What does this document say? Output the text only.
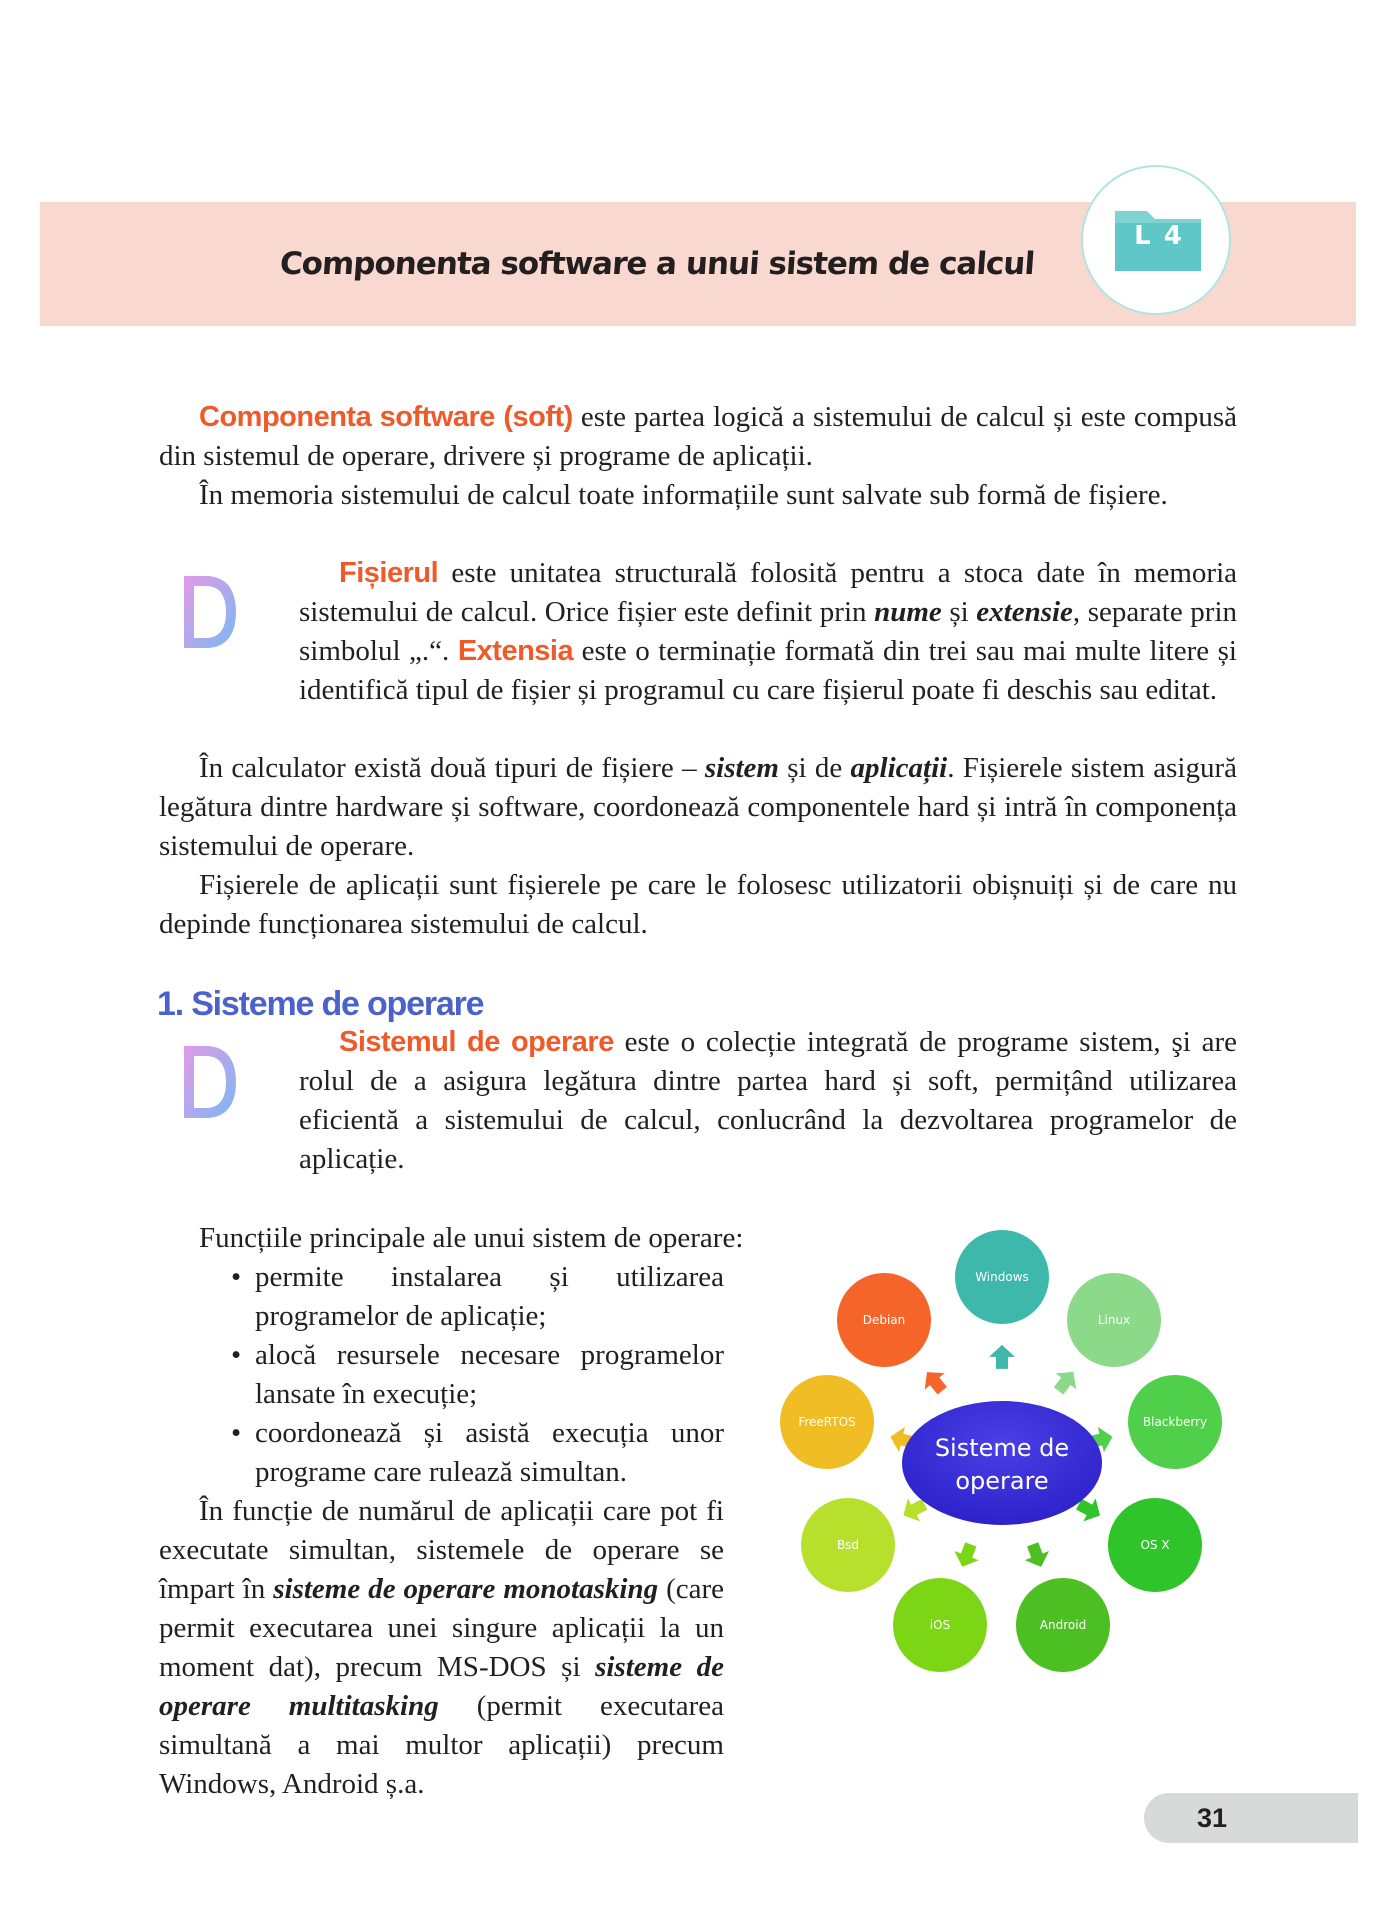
Componenta software a unui sistem de calcul
L 4

Componenta software (soft) este partea logică a sistemului de calcul și este compusă din sistemul de operare, drivere și programe de aplicații.

În memoria sistemului de calcul toate informațiile sunt salvate sub formă de fișiere.

Fișierul este unitatea structurală folosită pentru a stoca date în memoria sistemului de calcul. Orice fișier este definit prin nume și extensie, separate prin simbolul „.“. Extensia este o terminație formată din trei sau mai multe litere și identifică tipul de fișier și programul cu care fișierul poate fi deschis sau editat.

În calculator există două tipuri de fișiere – sistem și de aplicații. Fișierele sistem asigură legătura dintre hardware și software, coordonează componentele hard și intră în componența sistemului de operare.

Fișierele de aplicații sunt fișierele pe care le folosesc utilizatorii obișnuiți și de care nu depinde funcționarea sistemului de calcul.

1. Sisteme de operare

Sistemul de operare este o colecție integrată de programe sistem, şi are rolul de a asigura legătura dintre partea hard și soft, permițând utilizarea eficientă a sistemului de calcul, conlucrând la dezvoltarea programelor de aplicație.

Funcțiile principale ale unui sistem de operare:

• permite instalarea și utilizarea programelor de aplicație;
• alocă resursele necesare programelor lansate în execuție;
• coordonează și asistă execuția unor programe care rulează simultan.

În funcție de numărul de aplicații care pot fi executate simultan, sistemele de operare se împart în sisteme de operare monotasking (care permit executarea unei singure aplicații la un moment dat), precum MS-DOS și sisteme de operare multitasking (permit executarea simultană a mai multor aplicații) precum Windows, Android ș.a.

Windows
Linux
Blackberry
OS X
Android
iOS
Bsd
FreeRTOS
Debian
Sisteme de
operare
31
